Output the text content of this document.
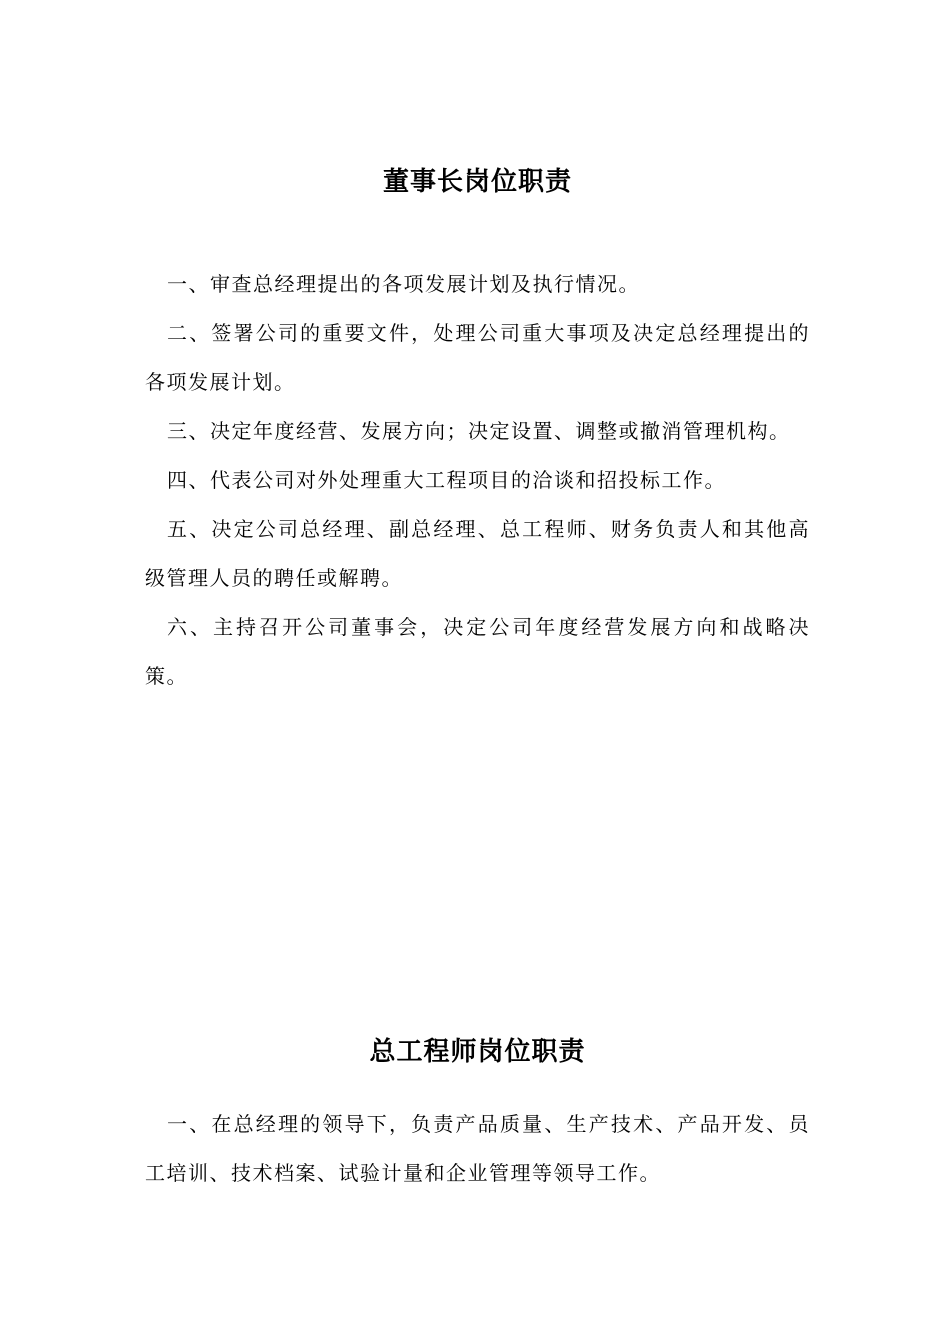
董事长岗位职责

一、审查总经理提出的各项发展计划及执行情况。

二、签署公司的重要文件，处理公司重大事项及决定总经理提出的各项发展计划。

三、决定年度经营、发展方向；决定设置、调整或撤消管理机构。

四、代表公司对外处理重大工程项目的洽谈和招投标工作。

五、决定公司总经理、副总经理、总工程师、财务负责人和其他高级管理人员的聘任或解聘。

六、主持召开公司董事会，决定公司年度经营发展方向和战略决策。

总工程师岗位职责

一、在总经理的领导下，负责产品质量、生产技术、产品开发、员工培训、技术档案、试验计量和企业管理等领导工作。
